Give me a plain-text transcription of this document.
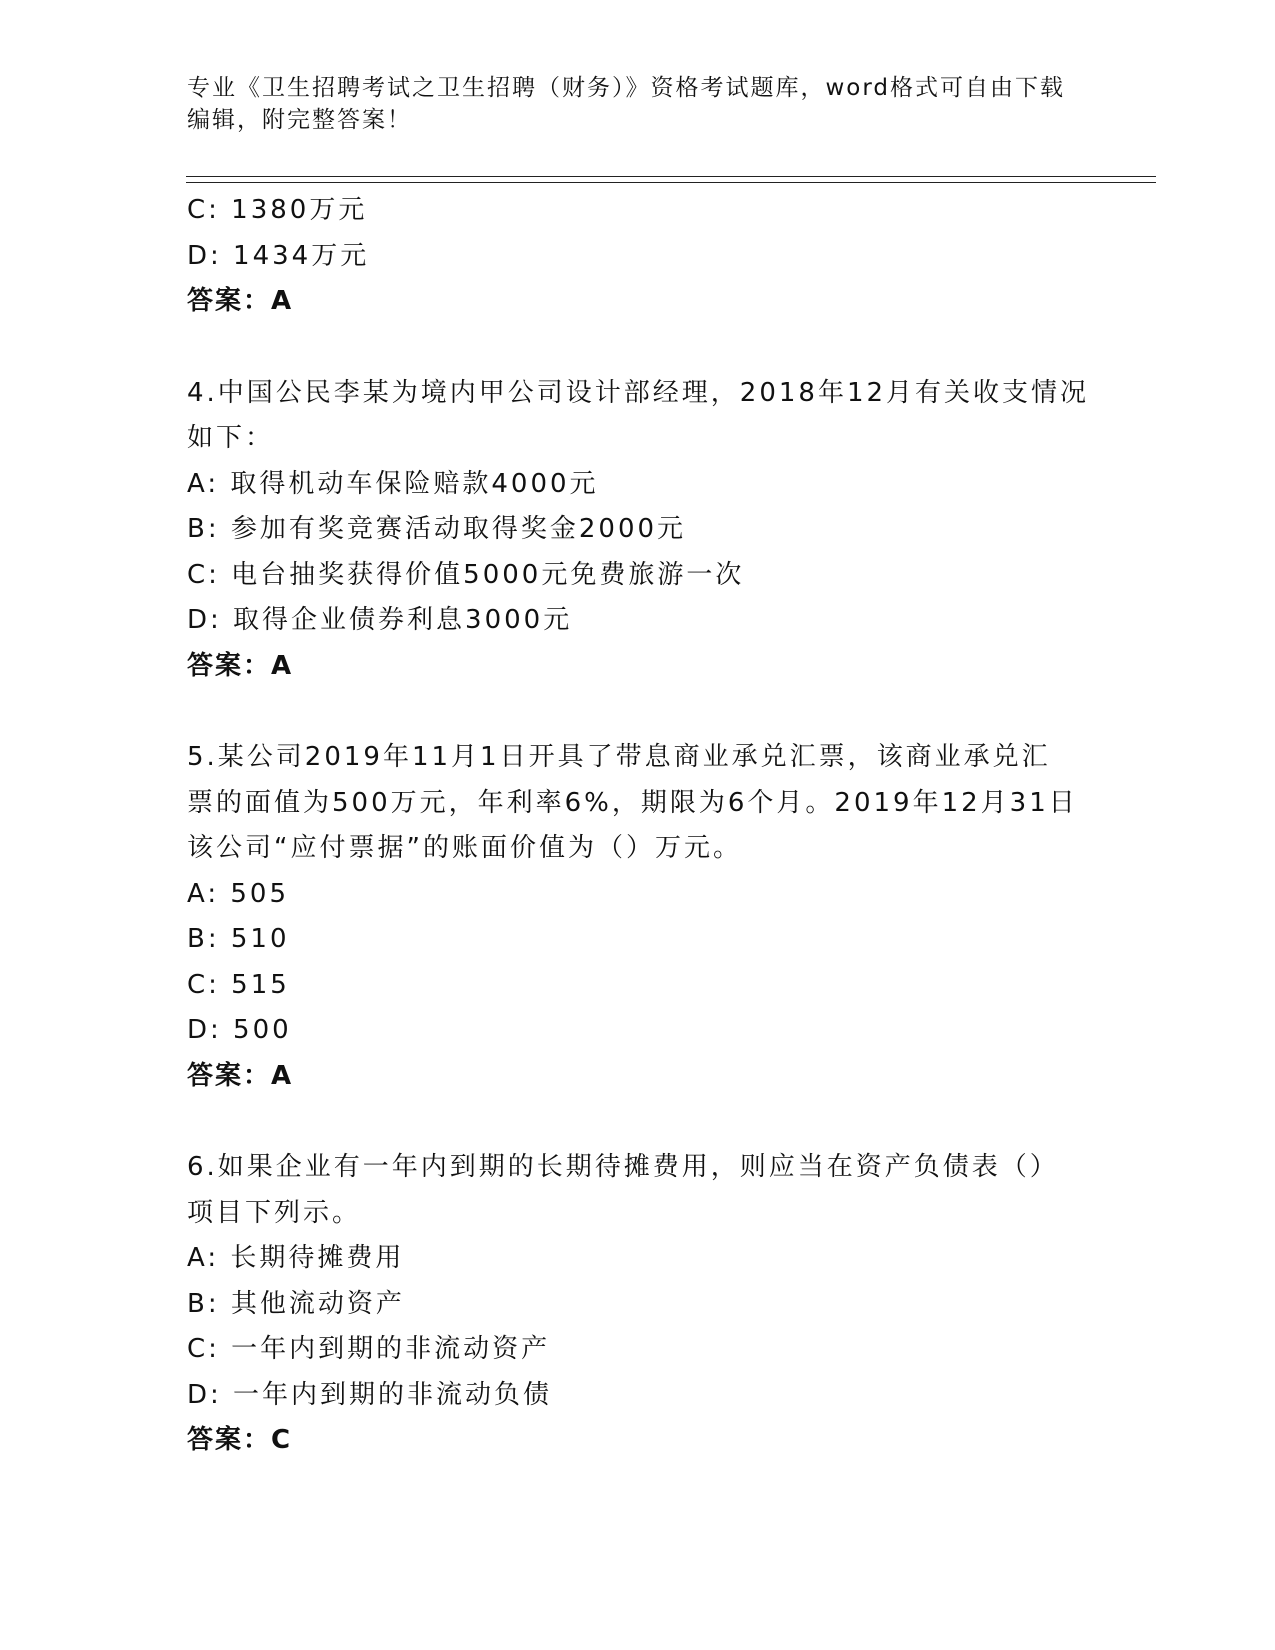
专业《卫生招聘考试之卫生招聘（财务）》资格考试题库，word格式可自由下载编辑，附完整答案！
C: 1380万元
D: 1434万元
答案：A
4.中国公民李某为境内甲公司设计部经理，2018年12月有关收支情况
如下：
A: 取得机动车保险赔款4000元
B: 参加有奖竞赛活动取得奖金2000元
C: 电台抽奖获得价值5000元免费旅游一次
D: 取得企业债券利息3000元
答案：A
5.某公司2019年11月1日开具了带息商业承兑汇票，该商业承兑汇
票的面值为500万元，年利率6%，期限为6个月。2019年12月31日
该公司“应付票据”的账面价值为（）万元。
A: 505
B: 510
C: 515
D: 500
答案：A
6.如果企业有一年内到期的长期待摊费用，则应当在资产负债表（）
项目下列示。
A: 长期待摊费用
B: 其他流动资产
C: 一年内到期的非流动资产
D: 一年内到期的非流动负债
答案：C
